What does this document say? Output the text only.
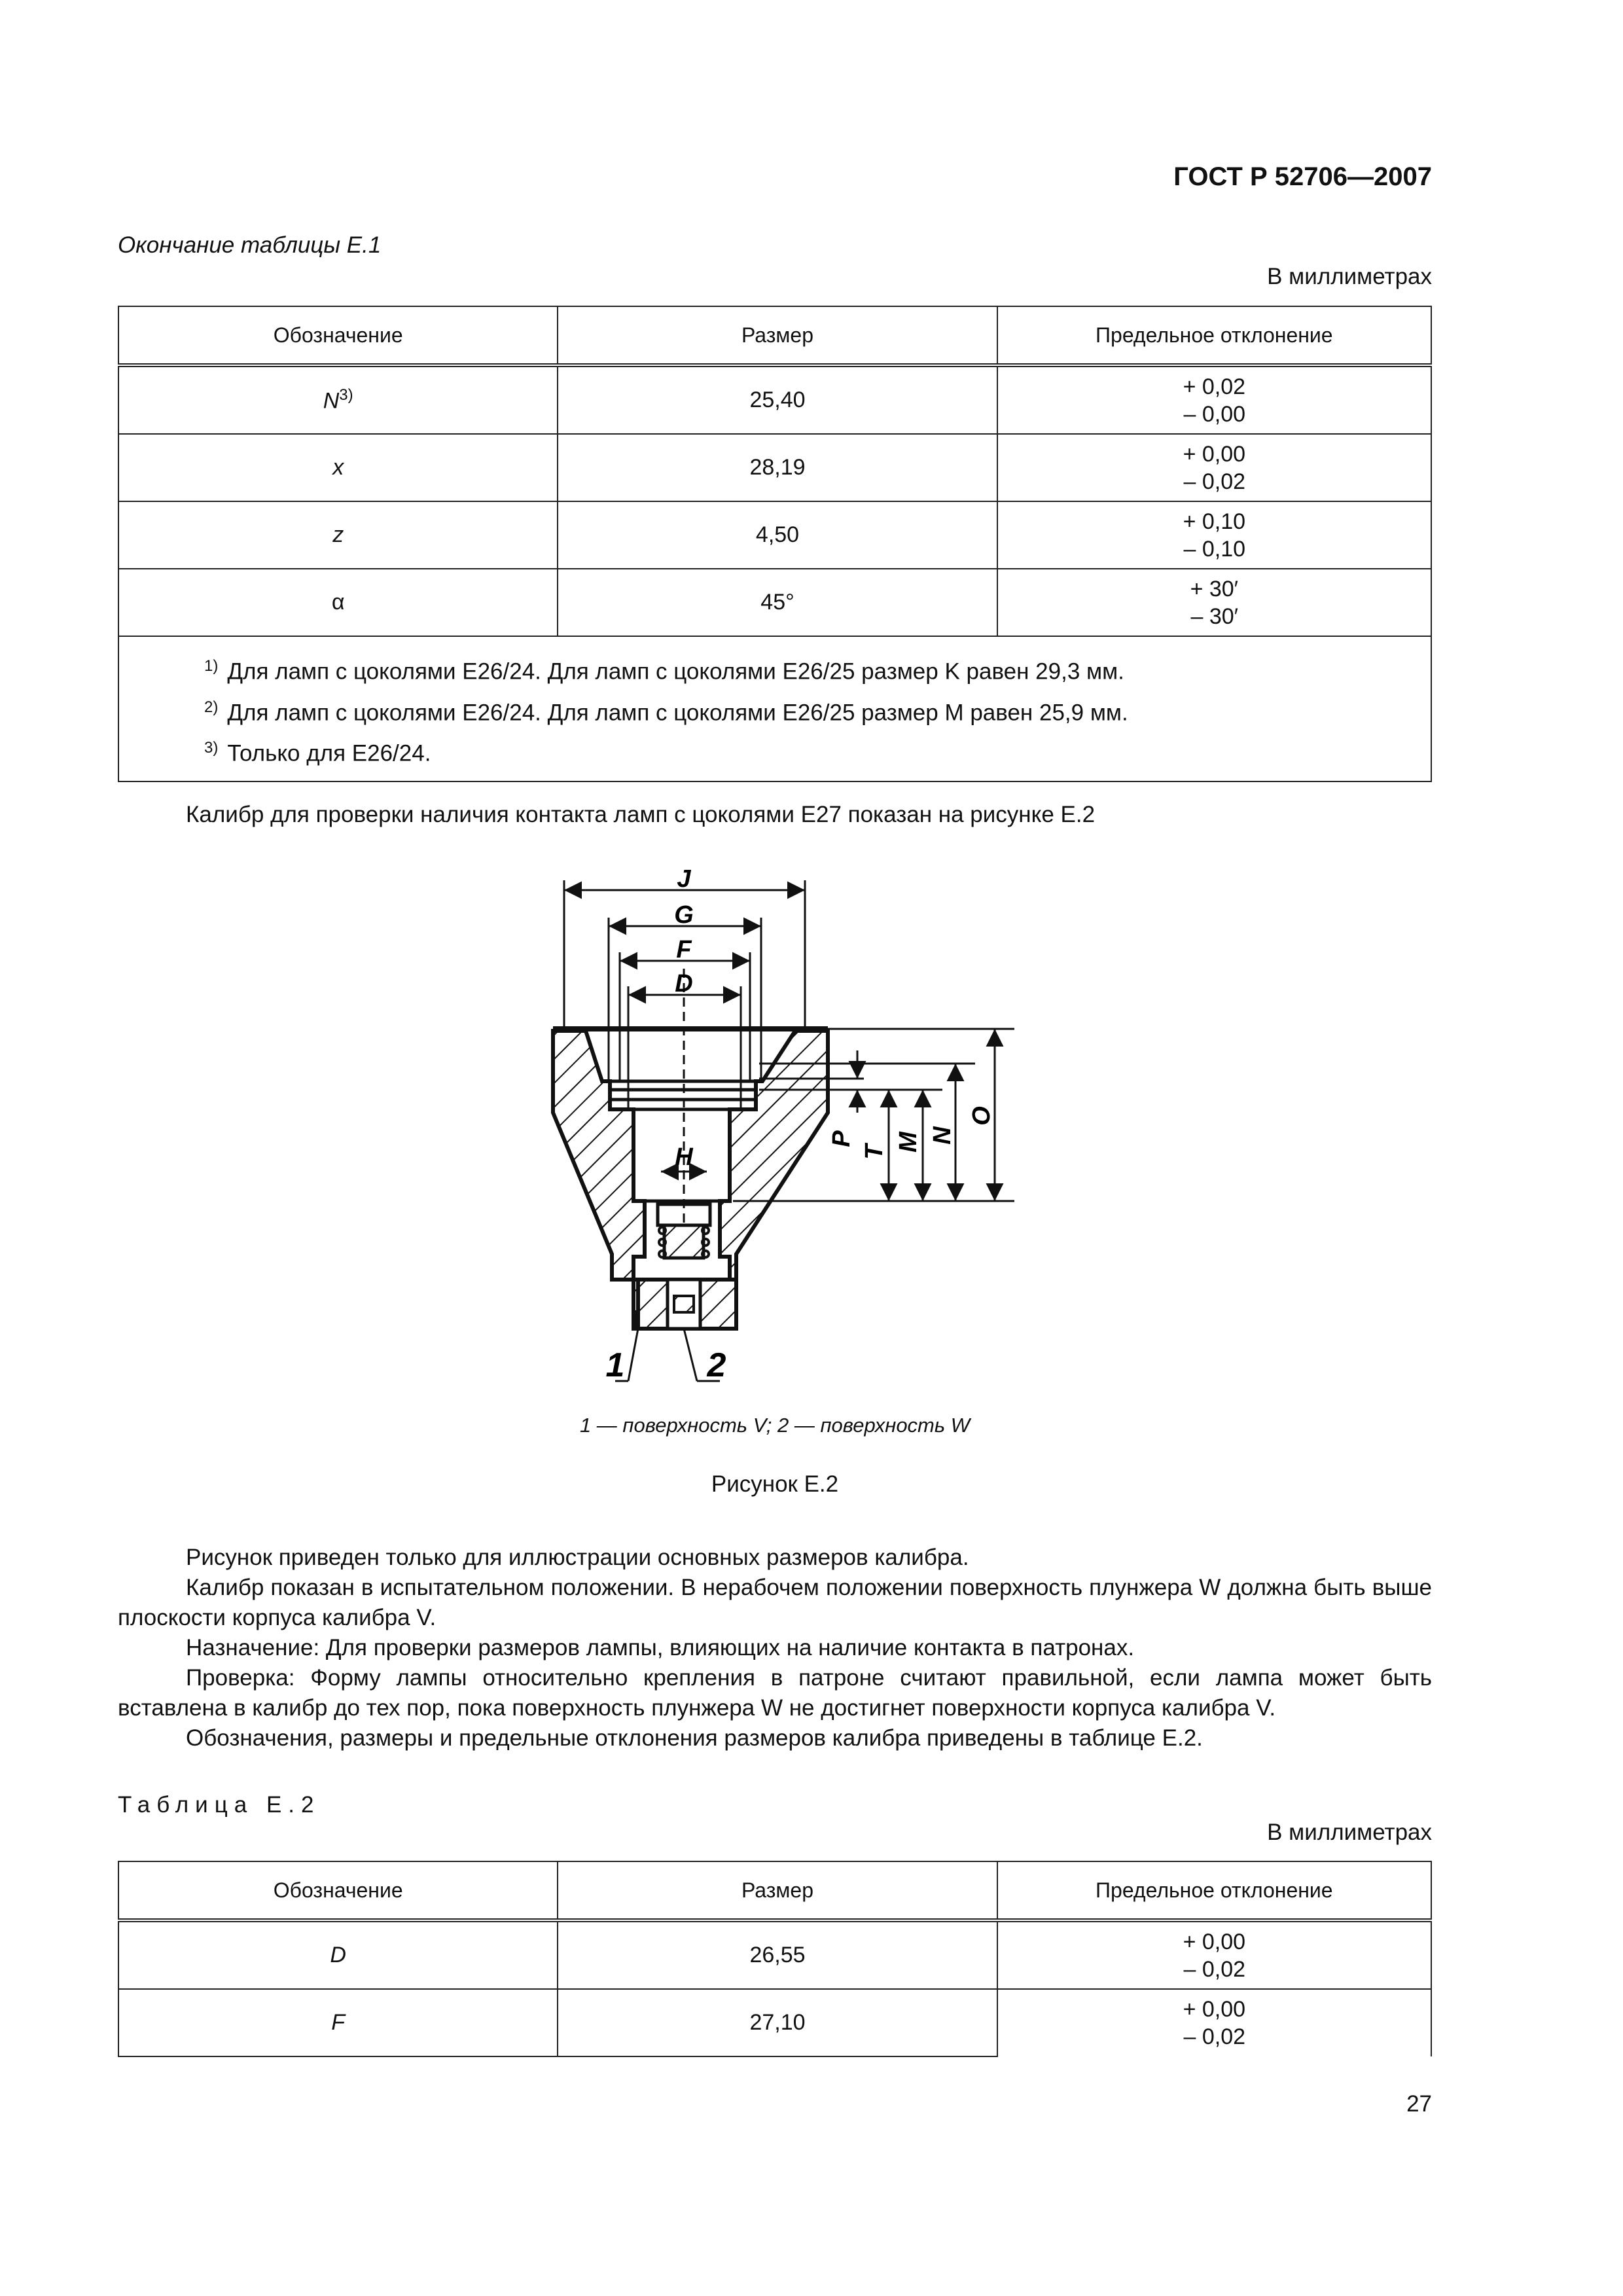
ГОСТ Р 52706—2007
Окончание таблицы Е.1
В миллиметрах
Обозначение	Размер	Предельное отклонение
$N^{3)}$	25,40	+ 0,02
– 0,00
x	28,19	+ 0,00
– 0,02
z	4,50	+ 0,10
– 0,10
α	45°	+ 30′
– 30′

$^{1)}$ Для ламп с цоколями Е26/24. Для ламп с цоколями Е26/25 размер K равен 29,3 мм.
$^{2)}$ Для ламп с цоколями Е26/24. Для ламп с цоколями Е26/25 размер M равен 25,9 мм.
$^{3)}$ Только для Е26/24.		
Калибр для проверки наличия контакта ламп с цоколями Е27 показан на рисунке Е.2
J
G
F
D
H
P
T M N
O
1 2
1 — поверхность V; 2 — поверхность W
Рисунок Е.2
Рисунок приведен только для иллюстрации основных размеров калибра.
Калибр показан в испытательном положении. В нерабочем положении поверхность плунжера W должна быть выше плоскости корпуса калибра V.
Назначение: Для проверки размеров лампы, влияющих на наличие контакта в патронах.
Проверка: Форму лампы относительно крепления в патроне считают правильной, если лампа может быть вставлена в калибр до тех пор, пока поверхность плунжера W не достигнет поверхности корпуса калибра V.
Обозначения, размеры и предельные отклонения размеров калибра приведены в таблице Е.2.
Таблица Е.2
В миллиметрах
Обозначение	Размер	Предельное отклонение
D	26,55	+ 0,00
– 0,02
F	27,10	+ 0,00
– 0,02
27
